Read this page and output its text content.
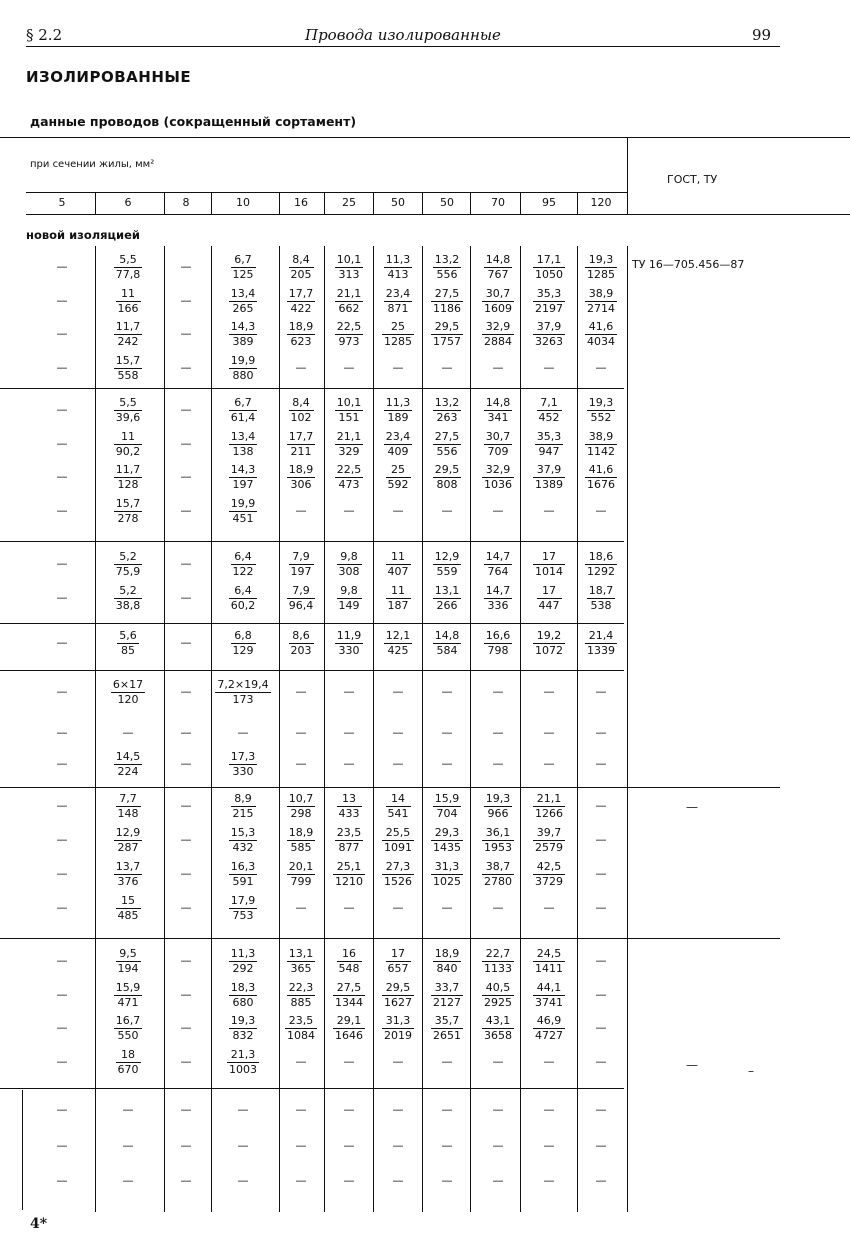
§ 2.2	Провода изолированные	99
ИЗОЛИРОВАННЫЕ
данные проводов (сокращенный сортамент)
при сечении жилы, мм²
ГОСТ, ТУ
5	6	8	10	16	25	50	50	70	95	120
новой изоляцией
ТУ 16—705.456—87
—
—	–
—	$\frac{5,5}{77,8}$	—	$\frac{6,7}{125}$	$\frac{8,4}{205} \frac{10,1}{313} \frac{11,3}{413} \frac{13,2}{556} \frac{14,8}{767} \frac{17,1}{1050} \frac{19,3}{1285}$
—	$\frac{11}{166}$	—	$\frac{13,4}{265}$	$\frac{17,7}{422} \frac{21,1}{662} \frac{23,4}{871} \frac{27,5}{1186} \frac{30,7}{1609} \frac{35,3}{2197} \frac{38,9}{2714}$
—	$\frac{11,7}{242}$	—	$\frac{14,3}{389}$	$\frac{18,9}{623} \frac{22,5}{973} \frac{25}{1285} \frac{29,5}{1757} \frac{32,9}{2884} \frac{37,9}{3263} \frac{41,6}{4034}$
—	$\frac{15,7}{558}$	—	$\frac{19,9}{880}$	—	—	—	—	—	—	—
—	$\frac{5,5}{39,6}$	—	$\frac{6,7}{61,4}$	$\frac{8,4}{102} \frac{10,1}{151} \frac{11,3}{189} \frac{13,2}{263} \frac{14,8}{341} \frac{7,1}{452} \frac{19,3}{552}$
—	$\frac{11}{90,2}$	—	$\frac{13,4}{138}$	$\frac{17,7}{211} \frac{21,1}{329} \frac{23,4}{409} \frac{27,5}{556} \frac{30,7}{709} \frac{35,3}{947} \frac{38,9}{1142}$
—	$\frac{11,7}{128}$	—	$\frac{14,3}{197}$	$\frac{18,9}{306} \frac{22,5}{473} \frac{25}{592} \frac{29,5}{808} \frac{32,9}{1036} \frac{37,9}{1389} \frac{41,6}{1676}$
—	$\frac{15,7}{278}$	—	$\frac{19,9}{451}$	—	—	—	—	—	—	—
—	$\frac{5,2}{75,9}$	—	$\frac{6,4}{122}$	$\frac{7,9}{197} \frac{9,8}{308} \frac{11}{407} \frac{12,9}{559} \frac{14,7}{764} \frac{17}{1014} \frac{18,6}{1292}$
—	$\frac{5,2}{38,8}$	—	$\frac{6,4}{60,2}$	$\frac{7,9}{96,4} \frac{9,8}{149} \frac{11}{187} \frac{13,1}{266} \frac{14,7}{336} \frac{17}{447} \frac{18,7}{538}$
—	$\frac{5,6}{85}$	—	$\frac{6,8}{129}$	$\frac{8,6}{203} \frac{11,9}{330} \frac{12,1}{425} \frac{14,8}{584} \frac{16,6}{798} \frac{19,2}{1072} \frac{21,4}{1339}$
—	$\frac{6\times 17}{120}$	—	$\frac{7,2\times 19,4}{173}$	—	—	—	—	—	—	—
—	—	—	—	—	—	—	—	—	—	—
—	$\frac{14,5}{224}$	—	$\frac{17,3}{330}$	—	—	—	—	—	—	—
—	$\frac{7,7}{148}$	—	$\frac{8,9}{215}$	$\frac{10,7}{298} \frac{13}{433} \frac{14}{541} \frac{15,9}{704} \frac{19,3}{966} \frac{21,1}{1266}$	—
—	$\frac{12,9}{287}$	—	$\frac{15,3}{432}$	$\frac{18,9}{585} \frac{23,5}{877} \frac{25,5}{1091} \frac{29,3}{1435} \frac{36,1}{1953} \frac{39,7}{2579}$	—
—	$\frac{13,7}{376}$	—	$\frac{16,3}{591}$	$\frac{20,1}{799} \frac{25,1}{1210} \frac{27,3}{1526} \frac{31,3}{1025} \frac{38,7}{2780} \frac{42,5}{3729}$	—
—	$\frac{15}{485}$	—	$\frac{17,9}{753}$	—	—	—	—	—	—	—
—	$\frac{9,5}{194}$	—	$\frac{11,3}{292}$	$\frac{13,1}{365} \frac{16}{548} \frac{17}{657} \frac{18,9}{840} \frac{22,7}{1133} \frac{24,5}{1411}$	—
—	$\frac{15,9}{471}$	—	$\frac{18,3}{680}$	$\frac{22,3}{885} \frac{27,5}{1344} \frac{29,5}{1627} \frac{33,7}{2127} \frac{40,5}{2925} \frac{44,1}{3741}$	—
—	$\frac{16,7}{550}$	—	$\frac{19,3}{832}$	$\frac{23,5}{1084} \frac{29,1}{1646} \frac{31,3}{2019} \frac{35,7}{2651} \frac{43,1}{3658} \frac{46,9}{4727}$	—
—	$\frac{18}{670}$	—	$\frac{21,3}{1003}$	—	—	—	—	—	—	—
—	—	—	—	—	—	—	—	—	—	—
—	—	—	—	—	—	—	—	—	—	—
—	—	—	—	—	—	—	—	—	—	—
4*
